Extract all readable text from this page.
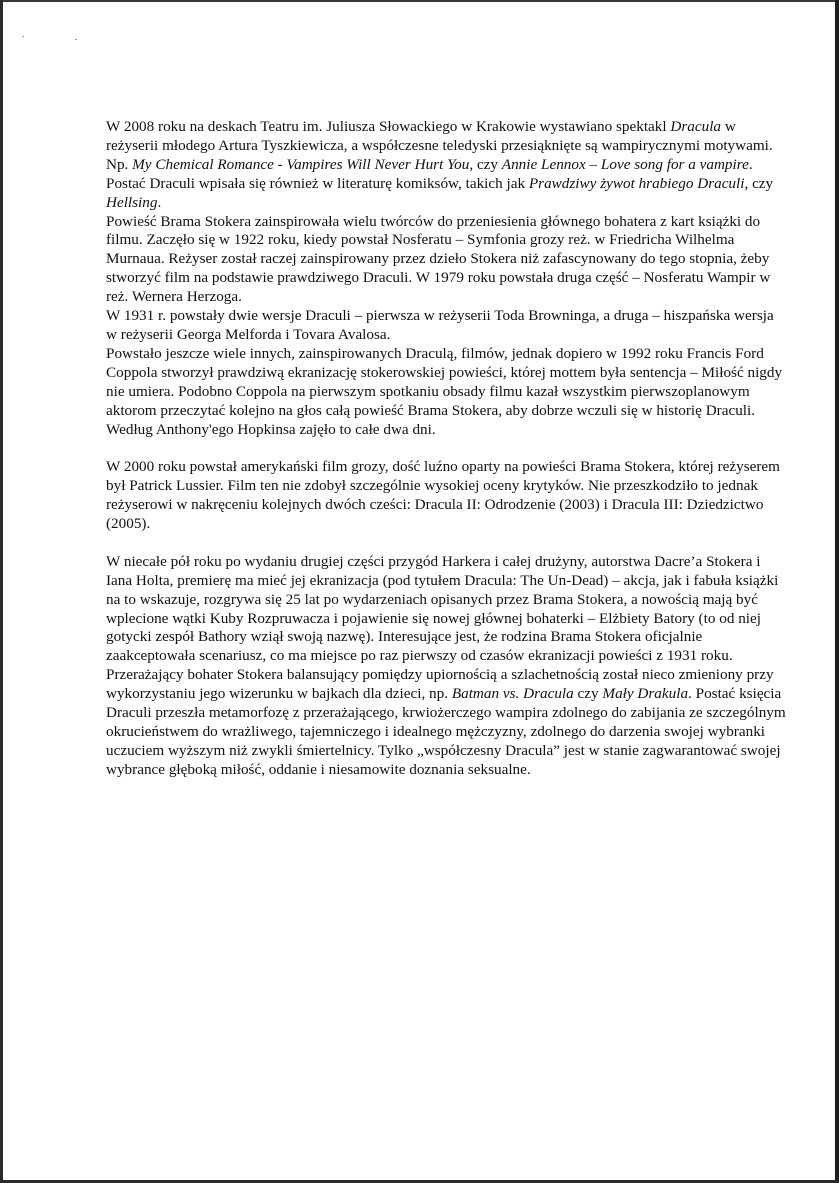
W 2008 roku na deskach Teatru im. Juliusza Słowackiego w Krakowie wystawiano spektakl Dracula w reżyserii młodego Artura Tyszkiewicza, a współczesne teledyski przesiąknięte są wampirycznymi motywami. Np. My Chemical Romance - Vampires Will Never Hurt You, czy Annie Lennox – Love song for a vampire.

Postać Draculi wpisała się również w literaturę komiksów, takich jak Prawdziwy żywot hrabiego Draculi, czy Hellsing.

Powieść Brama Stokera zainspirowała wielu twórców do przeniesienia głównego bohatera z kart książki do filmu. Zaczęło się w 1922 roku, kiedy powstał Nosferatu – Symfonia grozy reż. w Friedricha Wilhelma Murnaua. Reżyser został raczej zainspirowany przez dzieło Stokera niż zafascynowany do tego stopnia, żeby stworzyć film na podstawie prawdziwego Draculi. W 1979 roku powstała druga część – Nosferatu Wampir w reż. Wernera Herzoga.

W 1931 r. powstały dwie wersje Draculi – pierwsza w reżyserii Toda Browninga, a druga – hiszpańska wersja w reżyserii Georga Melforda i Tovara Avalosa.

Powstało jeszcze wiele innych, zainspirowanych Draculą, filmów, jednak dopiero w 1992 roku Francis Ford Coppola stworzył prawdziwą ekranizację stokerowskiej powieści, której mottem była sentencja – Miłość nigdy nie umiera. Podobno Coppola na pierwszym spotkaniu obsady filmu kazał wszystkim pierwszoplanowym aktorom przeczytać kolejno na głos całą powieść Brama Stokera, aby dobrze wczuli się w historię Draculi. Według Anthony'ego Hopkinsa zajęło to całe dwa dni.

W 2000 roku powstał amerykański film grozy, dość luźno oparty na powieści Brama Stokera, której reżyserem był Patrick Lussier. Film ten nie zdobył szczególnie wysokiej oceny krytyków. Nie przeszkodziło to jednak reżyserowi w nakręceniu kolejnych dwóch cześci: Dracula II: Odrodzenie (2003) i Dracula III: Dziedzictwo (2005).

W niecałe pół roku po wydaniu drugiej części przygód Harkera i całej drużyny, autorstwa Dacre’a Stokera i Iana Holta, premierę ma mieć jej ekranizacja (pod tytułem Dracula: The Un-Dead) – akcja, jak i fabuła książki na to wskazuje, rozgrywa się 25 lat po wydarzeniach opisanych przez Brama Stokera, a nowością mają być wplecione wątki Kuby Rozpruwacza i pojawienie się nowej głównej bohaterki – Elżbiety Batory (to od niej gotycki zespół Bathory wziął swoją nazwę). Interesujące jest, że rodzina Brama Stokera oficjalnie zaakceptowała scenariusz, co ma miejsce po raz pierwszy od czasów ekranizacji powieści z 1931 roku.

Przerażający bohater Stokera balansujący pomiędzy upiornością a szlachetnością został nieco zmieniony przy wykorzystaniu jego wizerunku w bajkach dla dzieci, np. Batman vs. Dracula czy Mały Drakula. Postać księcia Draculi przeszła metamorfozę z przerażającego, krwiożerczego wampira zdolnego do zabijania ze szczególnym okrucieństwem do wrażliwego, tajemniczego i idealnego mężczyzny, zdolnego do darzenia swojej wybranki uczuciem wyższym niż zwykli śmiertelnicy. Tylko „współczesny Dracula” jest w stanie zagwarantować swojej wybrance głęboką miłość, oddanie i niesamowite doznania seksualne.
